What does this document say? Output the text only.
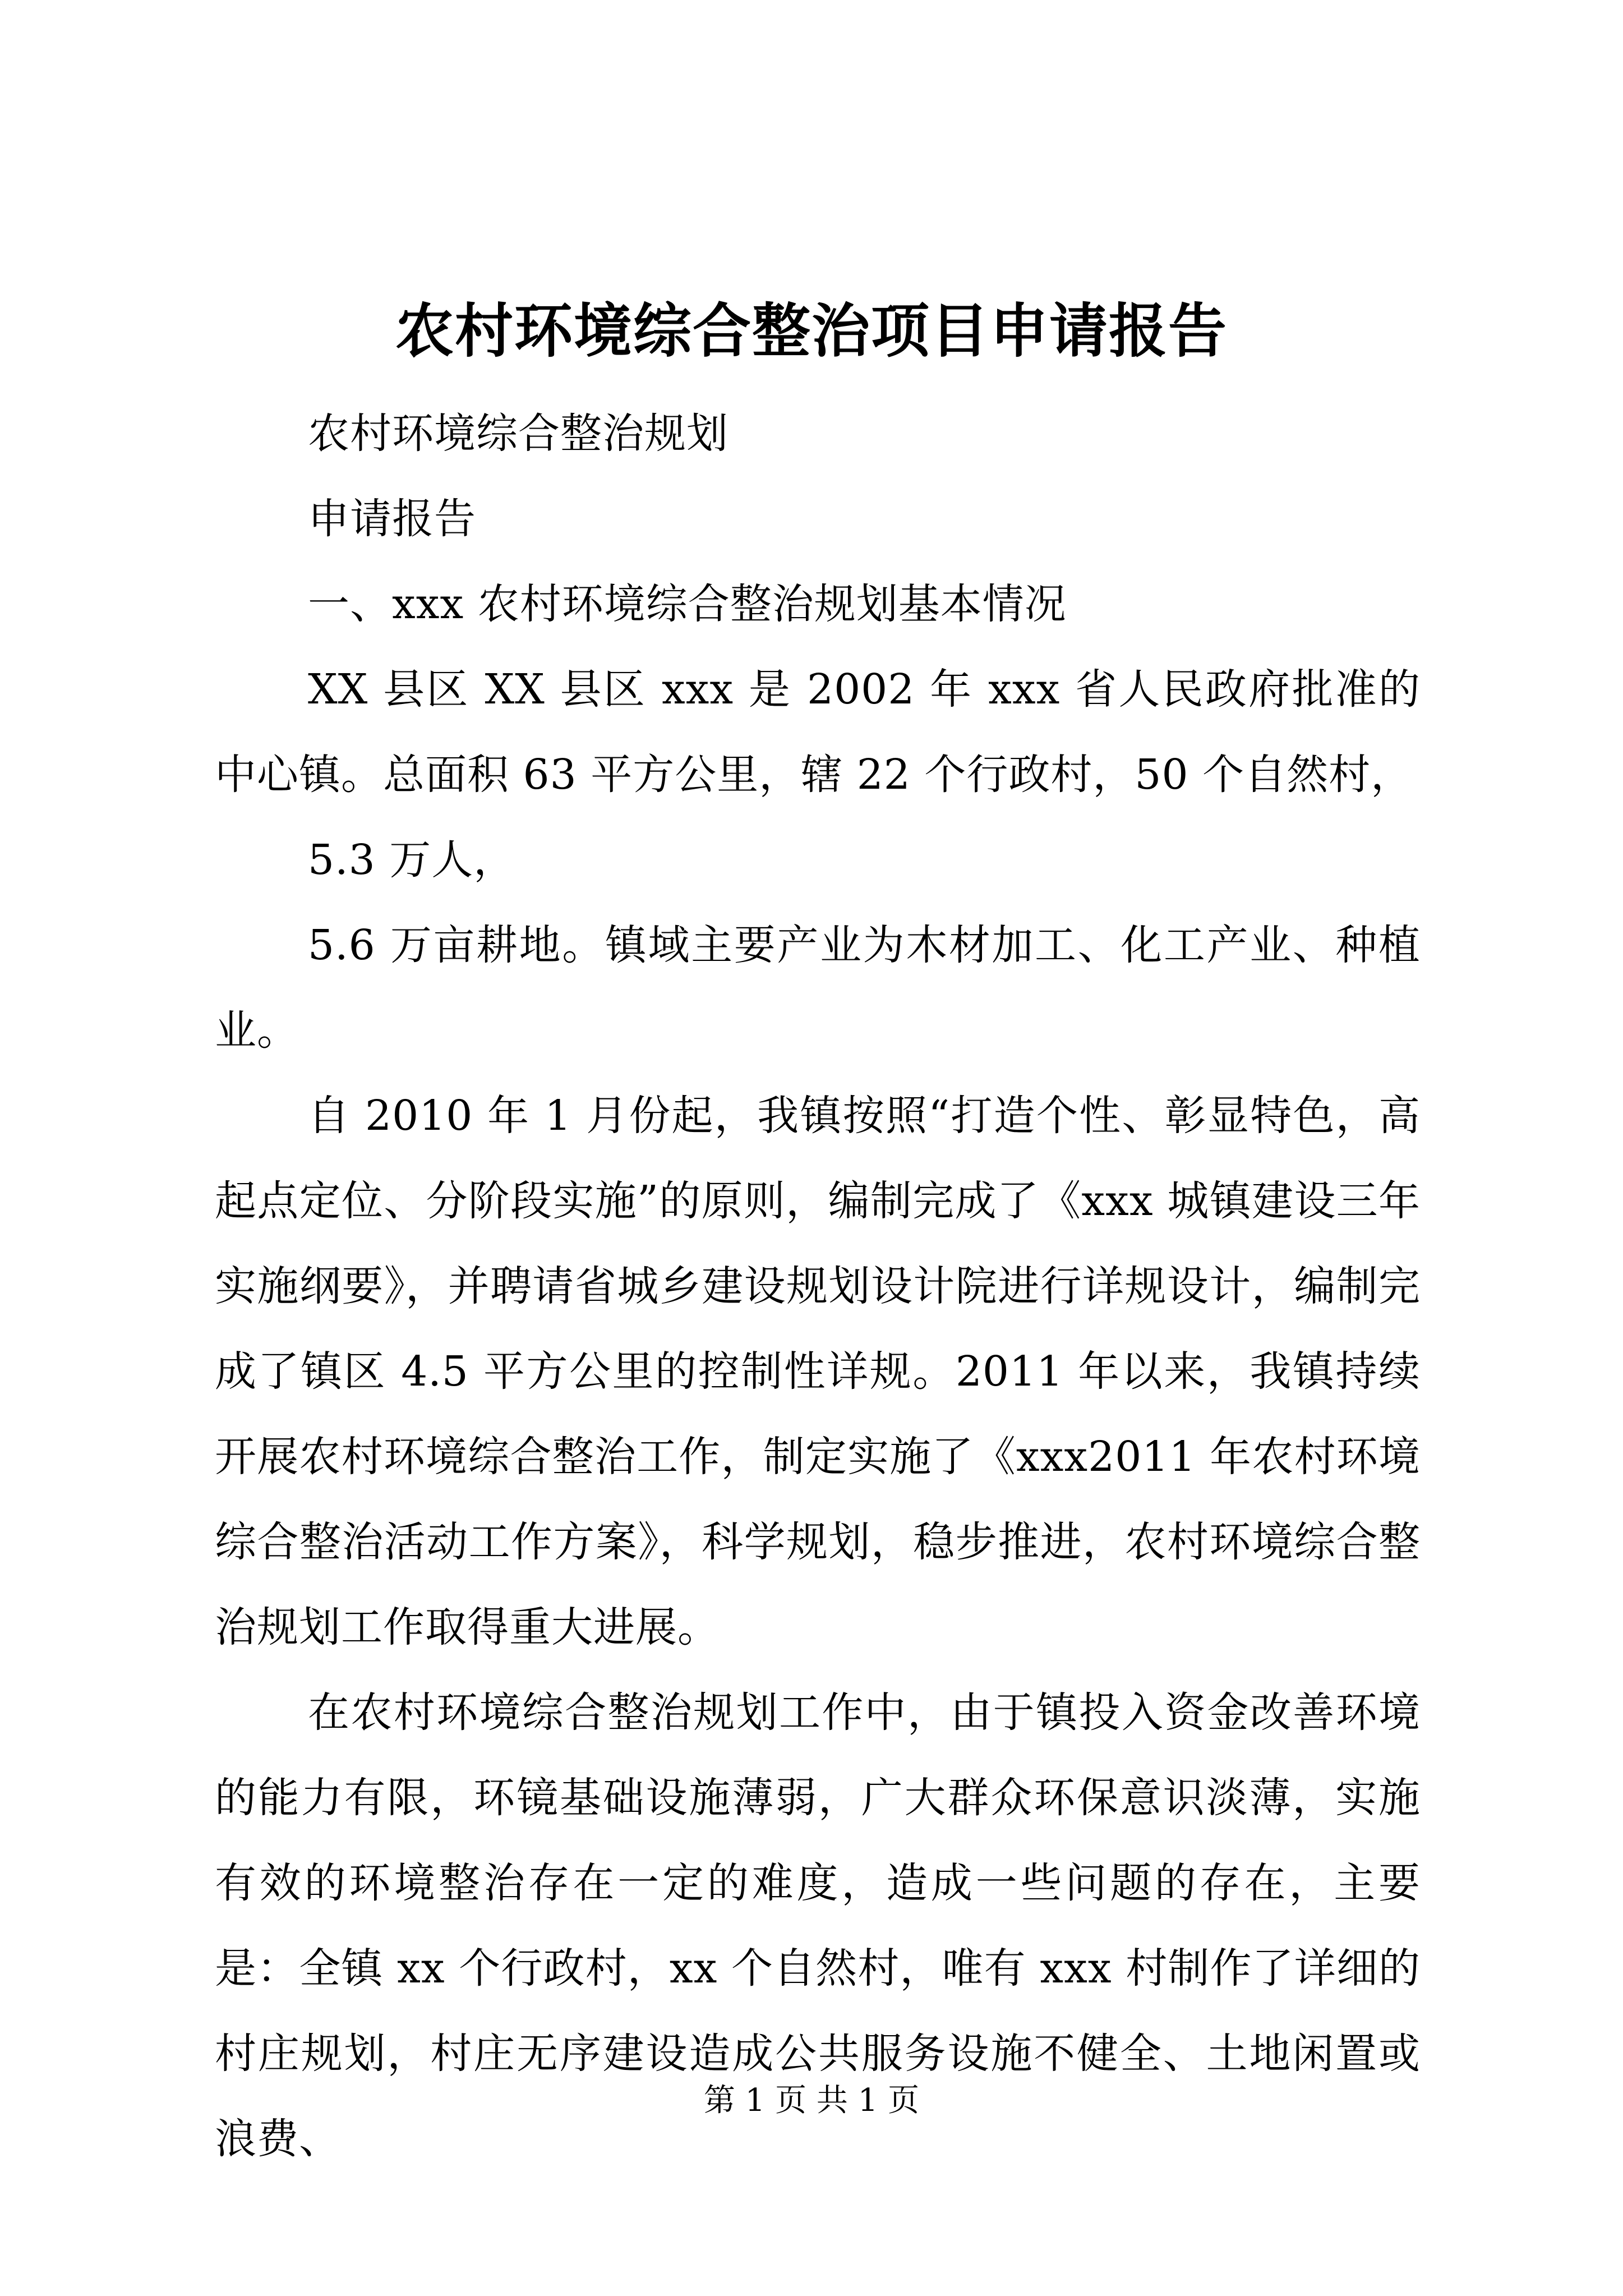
农村环境综合整治项目申请报告

农村环境综合整治规划

申请报告

一、xxx 农村环境综合整治规划基本情况

XX 县区 XX 县区 xxx 是 2002 年 xxx 省人民政府批准的中心镇。总面积 63 平方公里，辖 22 个行政村，50 个自然村，

5.3 万人，

5.6 万亩耕地。镇域主要产业为木材加工、化工产业、种植业。

自 2010 年 1 月份起，我镇按照“打造个性、彰显特色，高起点定位、分阶段实施”的原则，编制完成了《xxx 城镇建设三年实施纲要》，并聘请省城乡建设规划设计院进行详规设计，编制完成了镇区 4.5 平方公里的控制性详规。2011 年以来，我镇持续开展农村环境综合整治工作，制定实施了《xxx2011 年农村环境综合整治活动工作方案》，科学规划，稳步推进，农村环境综合整治规划工作取得重大进展。

在农村环境综合整治规划工作中，由于镇投入资金改善环境的能力有限，环镜基础设施薄弱，广大群众环保意识淡薄，实施有效的环境整治存在一定的难度，造成一些问题的存在，主要是：全镇 xx 个行政村，xx 个自然村，唯有 xxx 村制作了详细的村庄规划，村庄无序建设造成公共服务设施不健全、土地闲置或浪费、

第 1 页 共 1 页
